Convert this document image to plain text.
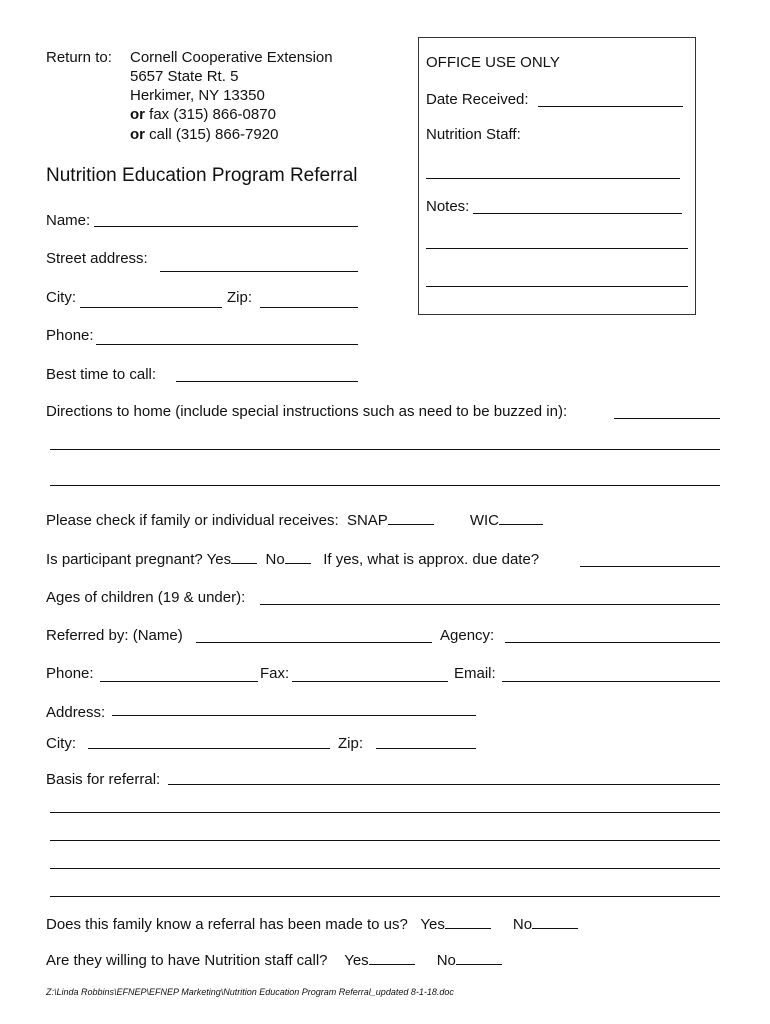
Return to: Cornell Cooperative Extension
5657 State Rt. 5
Herkimer, NY 13350
or fax (315) 866-0870
or call (315) 866-7920
OFFICE USE ONLY
Date Received:
Nutrition Staff:
Notes:
Nutrition Education Program Referral
Name:
Street address:
City:	Zip:
Phone:
Best time to call:
Directions to home (include special instructions such as need to be buzzed in):
Please check if family or individual receives: SNAP	WIC
Is participant pregnant? Yes No	If yes, what is approx. due date?
Ages of children (19 & under):
Referred by: (Name)	Agency:
Phone:	Fax:	Email:
Address:
City:	Zip:
Basis for referral:
Does this family know a referral has been made to us? Yes	No
Are they willing to have Nutrition staff call? Yes	No
Z:\Linda Robbins\EFNEP\EFNEP Marketing\Nutrition Education Program Referral_updated 8-1-18.doc
